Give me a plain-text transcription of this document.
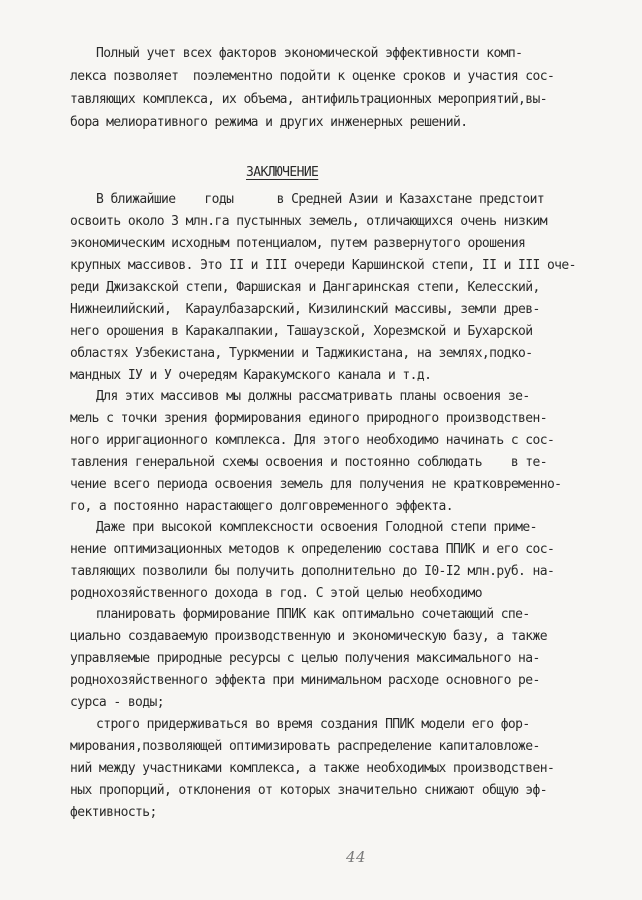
Полный учет всех факторов экономической эффективности комп-
лекса позволяет  поэлементно подойти к оценке сроков и участия сос-
тавляющих комплекса, их объема, антифильтрационных мероприятий,вы-
бора мелиоративного режима и других инженерных решений.
ЗАКЛЮЧЕНИЕ
В ближайшие    годы      в Средней Азии и Казахстане предстоит
освоить около 3 млн.га пустынных земель, отличающихся очень низким
экономическим исходным потенциалом, путем развернутого орошения
крупных массивов. Это II и III очереди Каршинской степи, II и III оче-
реди Джизакской степи, Фаршиская и Дангаринская степи, Келесский,
Нижнеилийский,  Караулбазарский, Кизилинский массивы, земли древ-
него орошения в Каракалпакии, Ташаузской, Хорезмской и Бухарской
областях Узбекистана, Туркмении и Таджикистана, на землях,подко-
мандных IУ и У очередям Каракумского канала и т.д.
Для этих массивов мы должны рассматривать планы освоения зе-
мель с точки зрения формирования единого природного производствен-
ного ирригационного комплекса. Для этого необходимо начинать с сос-
тавления генеральной схемы освоения и постоянно соблюдать    в те-
чение всего периода освоения земель для получения не кратковременно-
го, а постоянно нарастающего долговременного эффекта.
Даже при высокой комплексности освоения Голодной степи приме-
нение оптимизационных методов к определению состава ППИК и его сос-
тавляющих позволили бы получить дополнительно до I0-I2 млн.руб. на-
роднохозяйственного дохода в год. С этой целью необходимо
планировать формирование ППИК как оптимально сочетающий спе-
циально создаваемую производственную и экономическую базу, а также
управляемые природные ресурсы с целью получения максимального на-
роднохозяйственного эффекта при минимальном расходе основного ре-
сурса - воды;
строго придерживаться во время создания ППИК модели его фор-
мирования,позволяющей оптимизировать распределение капиталовложе-
ний между участниками комплекса, а также необходимых производствен-
ных пропорций, отклонения от которых значительно снижают общую эф-
фективность;
44
